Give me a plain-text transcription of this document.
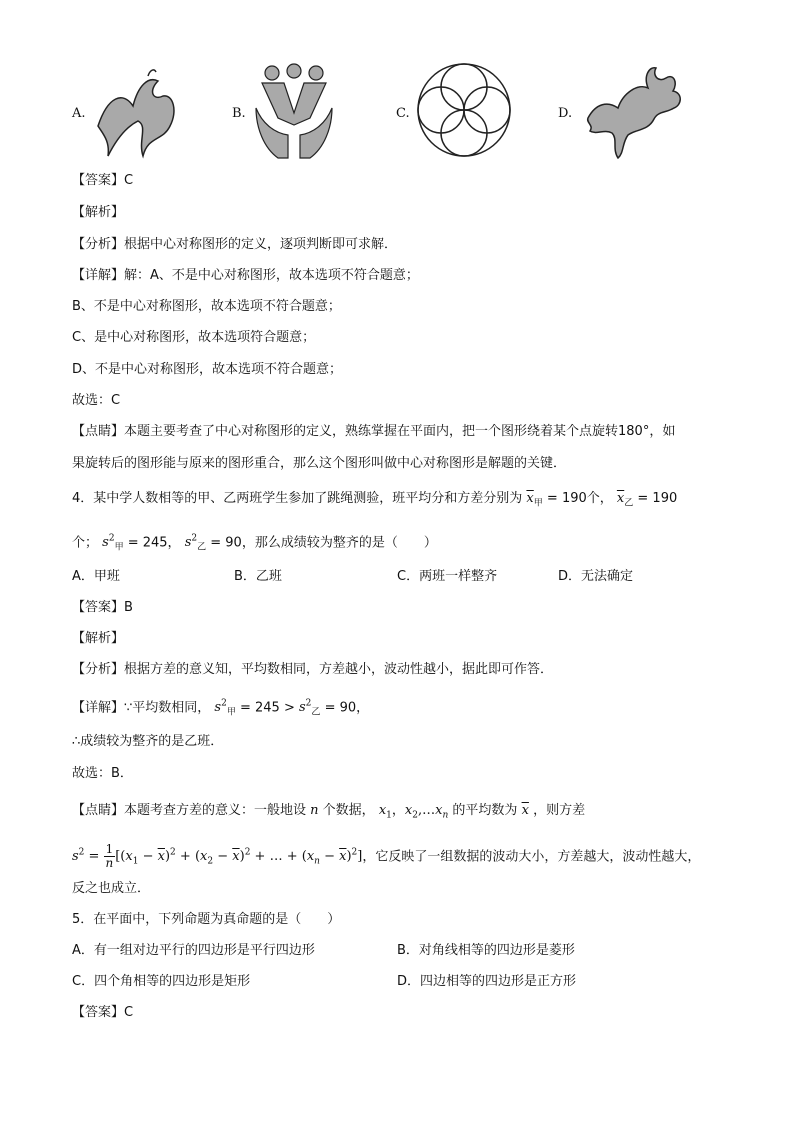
A.	B.	C.	D.
【答案】C
【解析】
【分析】根据中心对称图形的定义，逐项判断即可求解．
【详解】解：A、不是中心对称图形，故本选项不符合题意；
B、不是中心对称图形，故本选项不符合题意；
C、是中心对称图形，故本选项符合题意；
D、不是中心对称图形，故本选项不符合题意；
故选：C
【点睛】本题主要考查了中心对称图形的定义，熟练掌握在平面内，把一个图形绕着某个点旋转180°，如
果旋转后的图形能与原来的图形重合，那么这个图形叫做中心对称图形是解题的关键．
4．某中学人数相等的甲、乙两班学生参加了跳绳测验，班平均分和方差分别为 $\overline{x}_甲 = 190$个， $\overline{x}_乙 = 190$
个； $s^2_甲 = 245$， $s^2_乙 = 90$，那么成绩较为整齐的是（　　）
A．甲班	B．乙班	C．两班一样整齐	D．无法确定
【答案】B
【解析】
【分析】根据方差的意义知，平均数相同，方差越小，波动性越小，据此即可作答．
【详解】∵平均数相同， $s^2_甲 = 245 > s^2_乙 = 90$，
∴成绩较为整齐的是乙班．
故选：B．
【点睛】本题考查方差的意义：一般地设 n 个数据， $x_1$，$x_2,\dots x_n$ 的平均数为 $\overline{x}$ ，则方差
$s^2 = \frac{1}{n} [(x_1 - \overline{x})^2 + (x_2 - \overline{x})^2$ + … + $(x_n - \overline{x})^2$]，它反映了一组数据的波动大小，方差越大，波动性越大，
反之也成立．
5．在平面中，下列命题为真命题的是（　　）
A．有一组对边平行的四边形是平行四边形	B．对角线相等的四边形是菱形
C．四个角相等的四边形是矩形	D．四边相等的四边形是正方形
【答案】C
